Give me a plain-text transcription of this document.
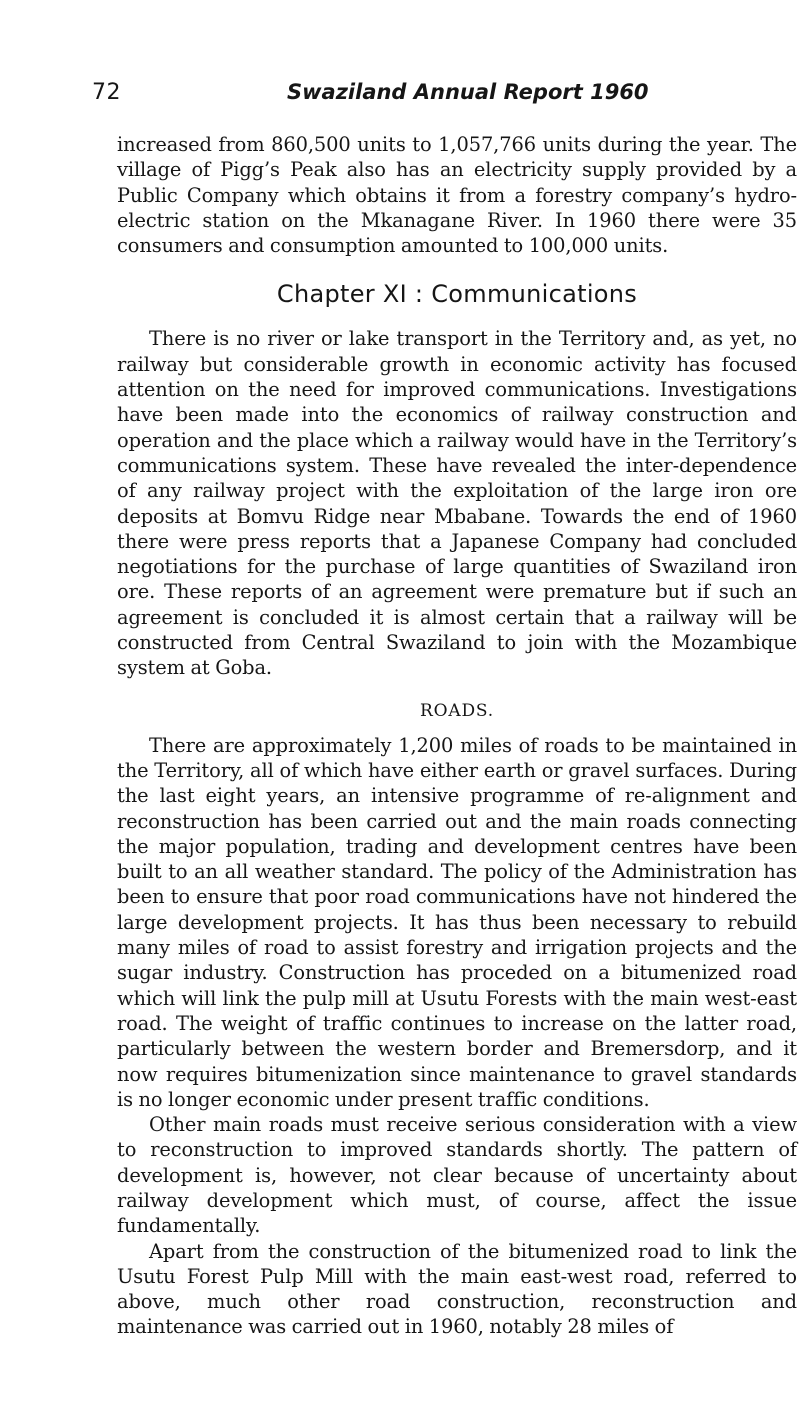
72	Swaziland Annual Report 1960

increased from 860,500 units to 1,057,766 units during the year. The village of Pigg’s Peak also has an electricity supply provided by a Public Company which obtains it from a forestry company’s hydro-electric station on the Mkanagane River. In 1960 there were 35 consumers and consumption amounted to 100,000 units.

Chapter XI : Communications

There is no river or lake transport in the Territory and, as yet, no railway but considerable growth in economic activity has focused attention on the need for improved communications. Investigations have been made into the economics of railway construction and operation and the place which a railway would have in the Territory’s communications system. These have revealed the inter-dependence of any railway project with the exploitation of the large iron ore deposits at Bomvu Ridge near Mbabane. Towards the end of 1960 there were press reports that a Japanese Company had concluded negotiations for the purchase of large quantities of Swaziland iron ore. These reports of an agreement were premature but if such an agreement is concluded it is almost certain that a railway will be constructed from Central Swaziland to join with the Mozambique system at Goba.

ROADS.

There are approximately 1,200 miles of roads to be maintained in the Territory, all of which have either earth or gravel surfaces. During the last eight years, an intensive programme of re-alignment and reconstruction has been carried out and the main roads connecting the major population, trading and development centres have been built to an all weather standard. The policy of the Administration has been to ensure that poor road communications have not hindered the large development projects. It has thus been necessary to rebuild many miles of road to assist forestry and irrigation projects and the sugar industry. Construction has proceded on a bitumenized road which will link the pulp mill at Usutu Forests with the main west-east road. The weight of traffic continues to increase on the latter road, particularly between the western border and Bremersdorp, and it now requires bitumenization since maintenance to gravel standards is no longer economic under present traffic conditions.

Other main roads must receive serious consideration with a view to reconstruction to improved standards shortly. The pattern of development is, however, not clear because of uncertainty about railway development which must, of course, affect the issue fundamentally.

Apart from the construction of the bitumenized road to link the Usutu Forest Pulp Mill with the main east-west road, referred to above, much other road construction, reconstruction and maintenance was carried out in 1960, notably 28 miles of
